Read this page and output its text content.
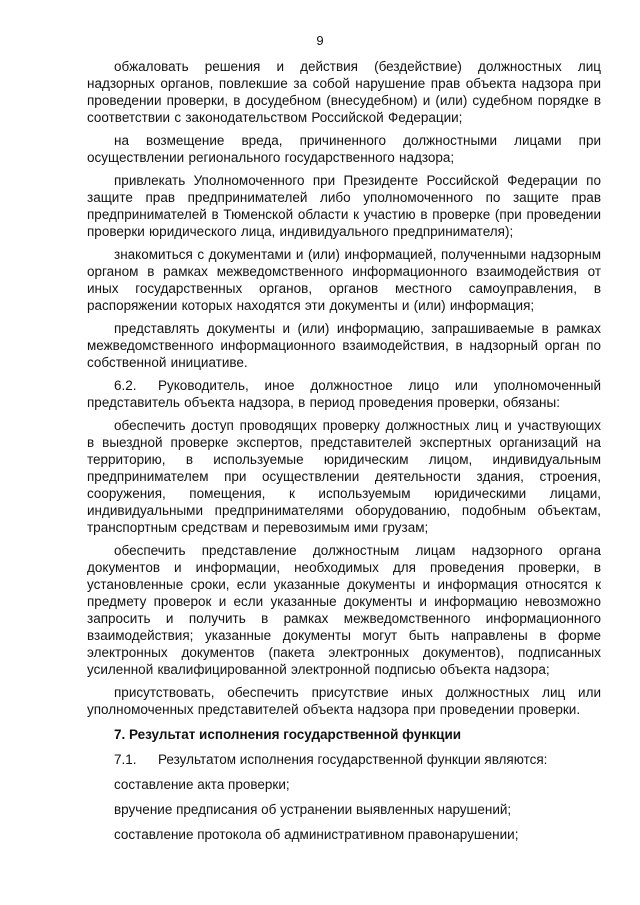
9

обжаловать решения и действия (бездействие) должностных лиц надзорных органов, повлекшие за собой нарушение прав объекта надзора при проведении проверки, в досудебном (внесудебном) и (или) судебном порядке в соответствии с законодательством Российской Федерации;

на возмещение вреда, причиненного должностными лицами при осуществлении регионального государственного надзора;

привлекать Уполномоченного при Президенте Российской Федерации по защите прав предпринимателей либо уполномоченного по защите прав предпринимателей в Тюменской области к участию в проверке (при проведении проверки юридического лица, индивидуального предпринимателя);

знакомиться с документами и (или) информацией, полученными надзорным органом в рамках межведомственного информационного взаимодействия от иных государственных органов, органов местного самоуправления, в распоряжении которых находятся эти документы и (или) информация;

представлять документы и (или) информацию, запрашиваемые в рамках межведомственного информационного взаимодействия, в надзорный орган по собственной инициативе.

6.2. Руководитель, иное должностное лицо или уполномоченный представитель объекта надзора, в период проведения проверки, обязаны:

обеспечить доступ проводящих проверку должностных лиц и участвующих в выездной проверке экспертов, представителей экспертных организаций на территорию, в используемые юридическим лицом, индивидуальным предпринимателем при осуществлении деятельности здания, строения, сооружения, помещения, к используемым юридическими лицами, индивидуальными предпринимателями оборудованию, подобным объектам, транспортным средствам и перевозимым ими грузам;

обеспечить представление должностным лицам надзорного органа документов и информации, необходимых для проведения проверки, в установленные сроки, если указанные документы и информация относятся к предмету проверок и если указанные документы и информацию невозможно запросить и получить в рамках межведомственного информационного взаимодействия; указанные документы могут быть направлены в форме электронных документов (пакета электронных документов), подписанных усиленной квалифицированной электронной подписью объекта надзора;

присутствовать, обеспечить присутствие иных должностных лиц или уполномоченных представителей объекта надзора при проведении проверки.

7. Результат исполнения государственной функции
7.1. Результатом исполнения государственной функции являются:
составление акта проверки;
вручение предписания об устранении выявленных нарушений;
составление протокола об административном правонарушении;
